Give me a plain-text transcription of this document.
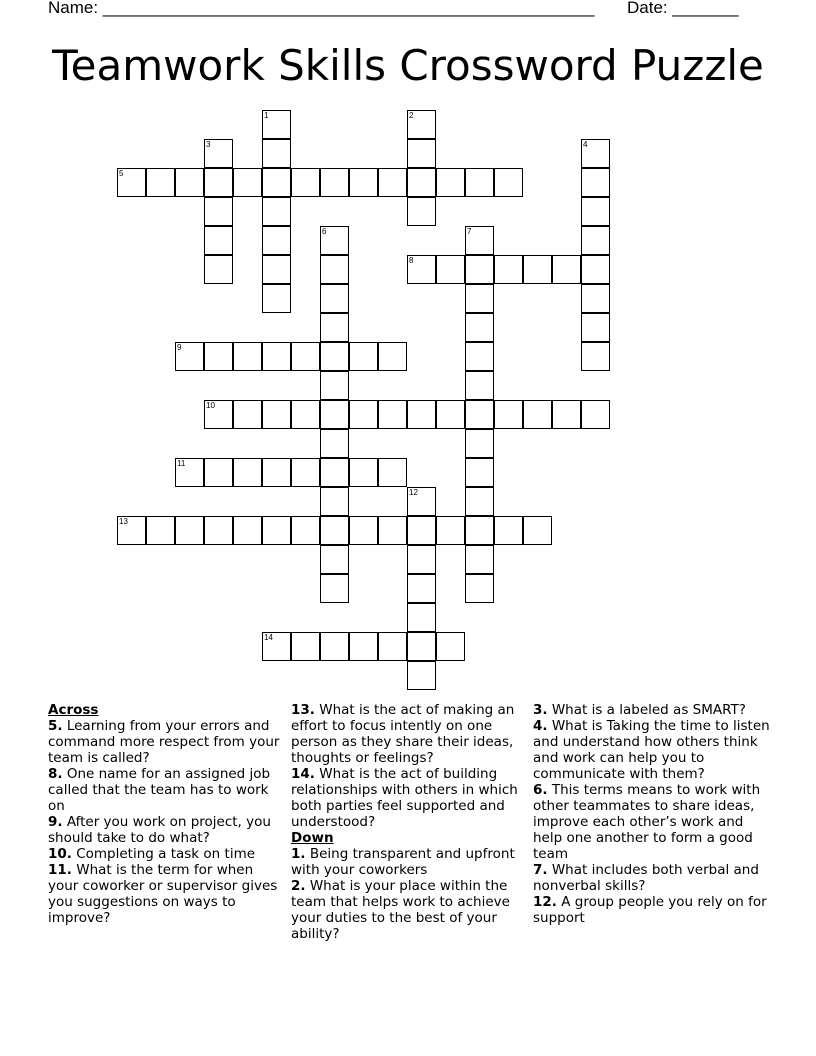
Name: ____________________________________________________ Date: _______
Teamwork Skills Crossword Puzzle
1	2
3	4
5
6	7
8
9
10
11
12
13
14
Across
5. Learning from your errors and command more respect from your team is called?
8. One name for an assigned job called that the team has to work on
9. After you work on project, you should take to do what?
10. Completing a task on time
11. What is the term for when your coworker or supervisor gives you suggestions on ways to improve?
13. What is the act of making an effort to focus intently on one person as they share their ideas, thoughts or feelings?
14. What is the act of building relationships with others in which both parties feel supported and understood?
Down
1. Being transparent and upfront with your coworkers
2. What is your place within the team that helps work to achieve your duties to the best of your ability?
3. What is a labeled as SMART?
4. What is Taking the time to listen and understand how others think and work can help you to communicate with them?
6. This terms means to work with other teammates to share ideas, improve each other’s work and help one another to form a good team
7. What includes both verbal and nonverbal skills?
12. A group people you rely on for support
